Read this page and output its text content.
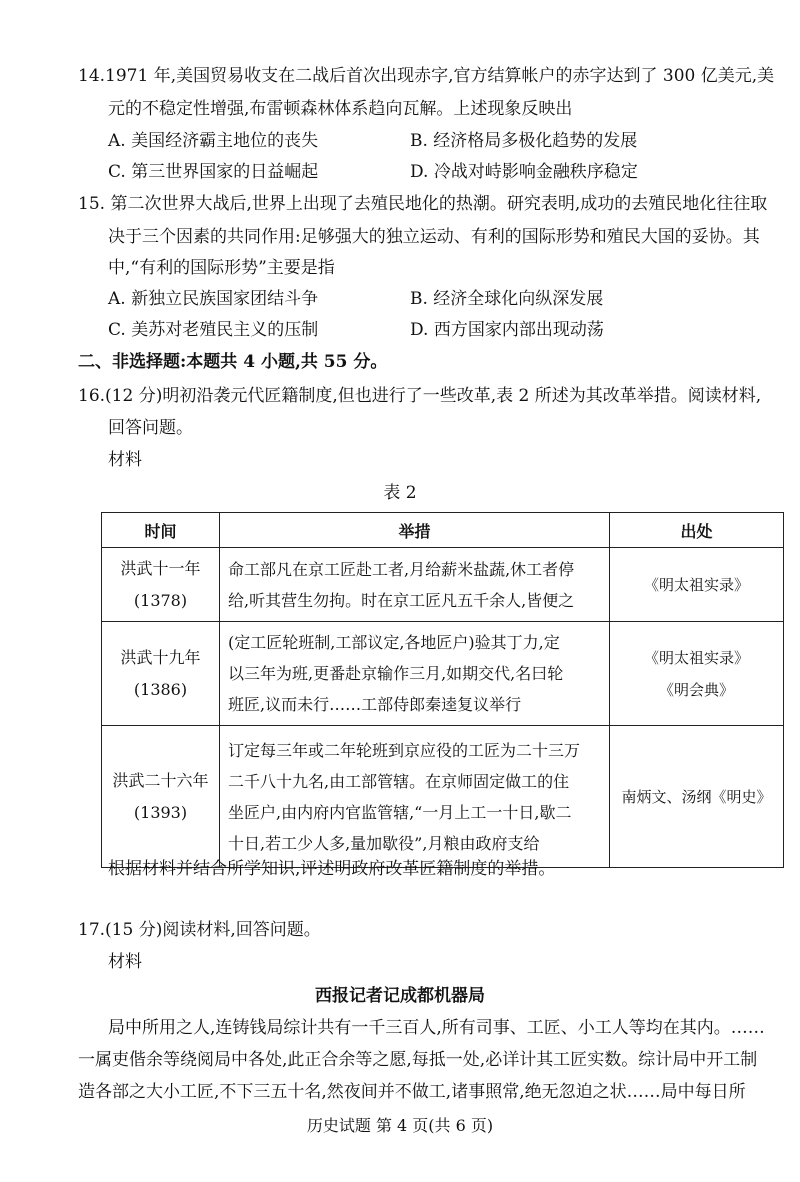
14.1971 年,美国贸易收支在二战后首次出现赤字,官方结算帐户的赤字达到了 300 亿美元,美
元的不稳定性增强,布雷顿森林体系趋向瓦解。上述现象反映出
A. 美国经济霸主地位的丧失	B. 经济格局多极化趋势的发展
C. 第三世界国家的日益崛起	D. 冷战对峙影响金融秩序稳定
15. 第二次世界大战后,世界上出现了去殖民地化的热潮。研究表明,成功的去殖民地化往往取
决于三个因素的共同作用:足够强大的独立运动、有利的国际形势和殖民大国的妥协。其
中,“有利的国际形势”主要是指
A. 新独立民族国家团结斗争	B. 经济全球化向纵深发展
C. 美苏对老殖民主义的压制	D. 西方国家内部出现动荡
二、非选择题:本题共 4 小题,共 55 分。
16.(12 分)明初沿袭元代匠籍制度,但也进行了一些改革,表 2 所述为其改革举措。阅读材料,
回答问题。
材料
表 2
时间	举措	出处

洪武十一年
(1378)	命工部凡在京工匠赴工者,月给薪米盐蔬,休工者停
给,听其营生勿拘。时在京工匠凡五千余人,皆便之	《明太祖实录》

洪武十九年
(1386)	(定工匠轮班制,工部议定,各地匠户)验其丁力,定
以三年为班,更番赴京输作三月,如期交代,名曰轮
班匠,议而未行……工部侍郎秦逵复议举行	《明太祖实录》
《明会典》

洪武二十六年
(1393)	订定每三年或二年轮班到京应役的工匠为二十三万
二千八十九名,由工部管辖。在京师固定做工的住
坐匠户,由内府内官监管辖,“一月上工一十日,歇二
十日,若工少人多,量加歇役”,月粮由政府支给	南炳文、汤纲《明史》
根据材料并结合所学知识,评述明政府改革匠籍制度的举措。
17.(15 分)阅读材料,回答问题。
材料
西报记者记成都机器局
局中所用之人,连铸钱局综计共有一千三百人,所有司事、工匠、小工人等均在其内。……
一属吏偕余等绕阅局中各处,此正合余等之愿,每抵一处,必详计其工匠实数。综计局中开工制
造各部之大小工匠,不下三五十名,然夜间并不做工,诸事照常,绝无忽迫之状……局中每日所
历史试题 第 4 页(共 6 页)
